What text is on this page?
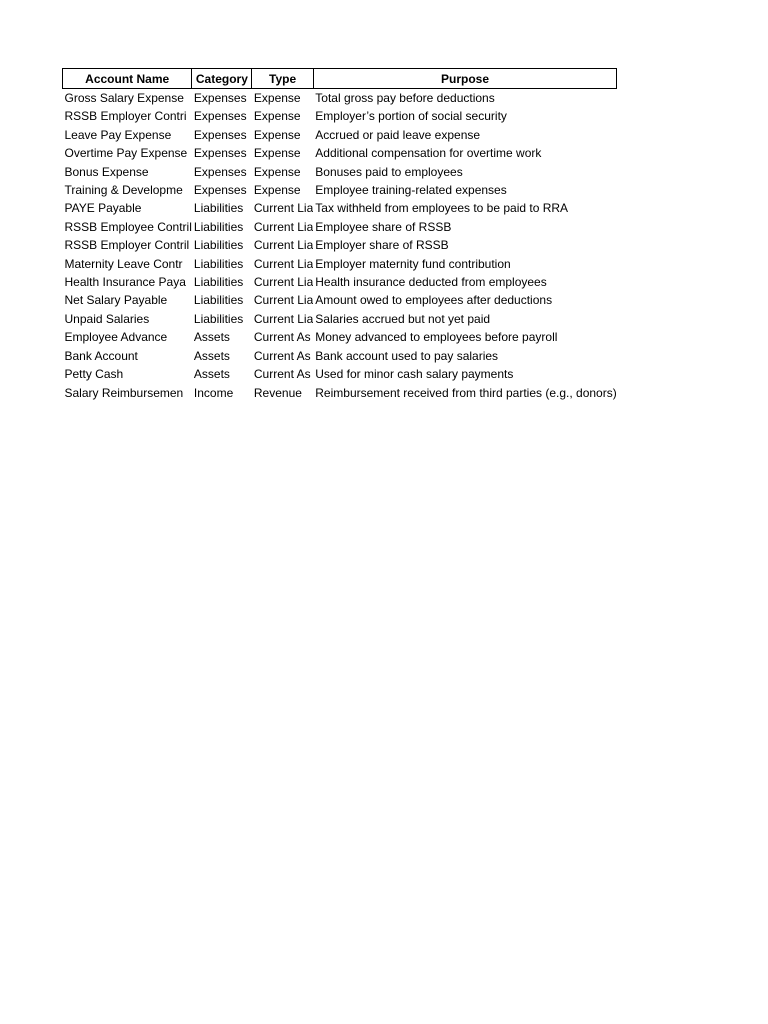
Account Name	Category	Type	Purpose
Gross Salary Expense	Expenses	Expense	Total gross pay before deductions
RSSB Employer Contri	Expenses	Expense	Employer’s portion of social security
Leave Pay Expense	Expenses	Expense	Accrued or paid leave expense
Overtime Pay Expense	Expenses	Expense	Additional compensation for overtime work
Bonus Expense	Expenses	Expense	Bonuses paid to employees
Training & Developme	Expenses	Expense	Employee training-related expenses
PAYE Payable	Liabilities	Current Lia	Tax withheld from employees to be paid to RRA
RSSB Employee Contril	Liabilities	Current Lia	Employee share of RSSB
RSSB Employer Contril	Liabilities	Current Lia	Employer share of RSSB
Maternity Leave Contr	Liabilities	Current Lia	Employer maternity fund contribution
Health Insurance Paya	Liabilities	Current Lia	Health insurance deducted from employees
Net Salary Payable	Liabilities	Current Lia	Amount owed to employees after deductions
Unpaid Salaries	Liabilities	Current Lia	Salaries accrued but not yet paid
Employee Advance	Assets	Current As	Money advanced to employees before payroll
Bank Account	Assets	Current As	Bank account used to pay salaries
Petty Cash	Assets	Current As	Used for minor cash salary payments
Salary Reimbursemen	Income	Revenue	Reimbursement received from third parties (e.g., donors)
